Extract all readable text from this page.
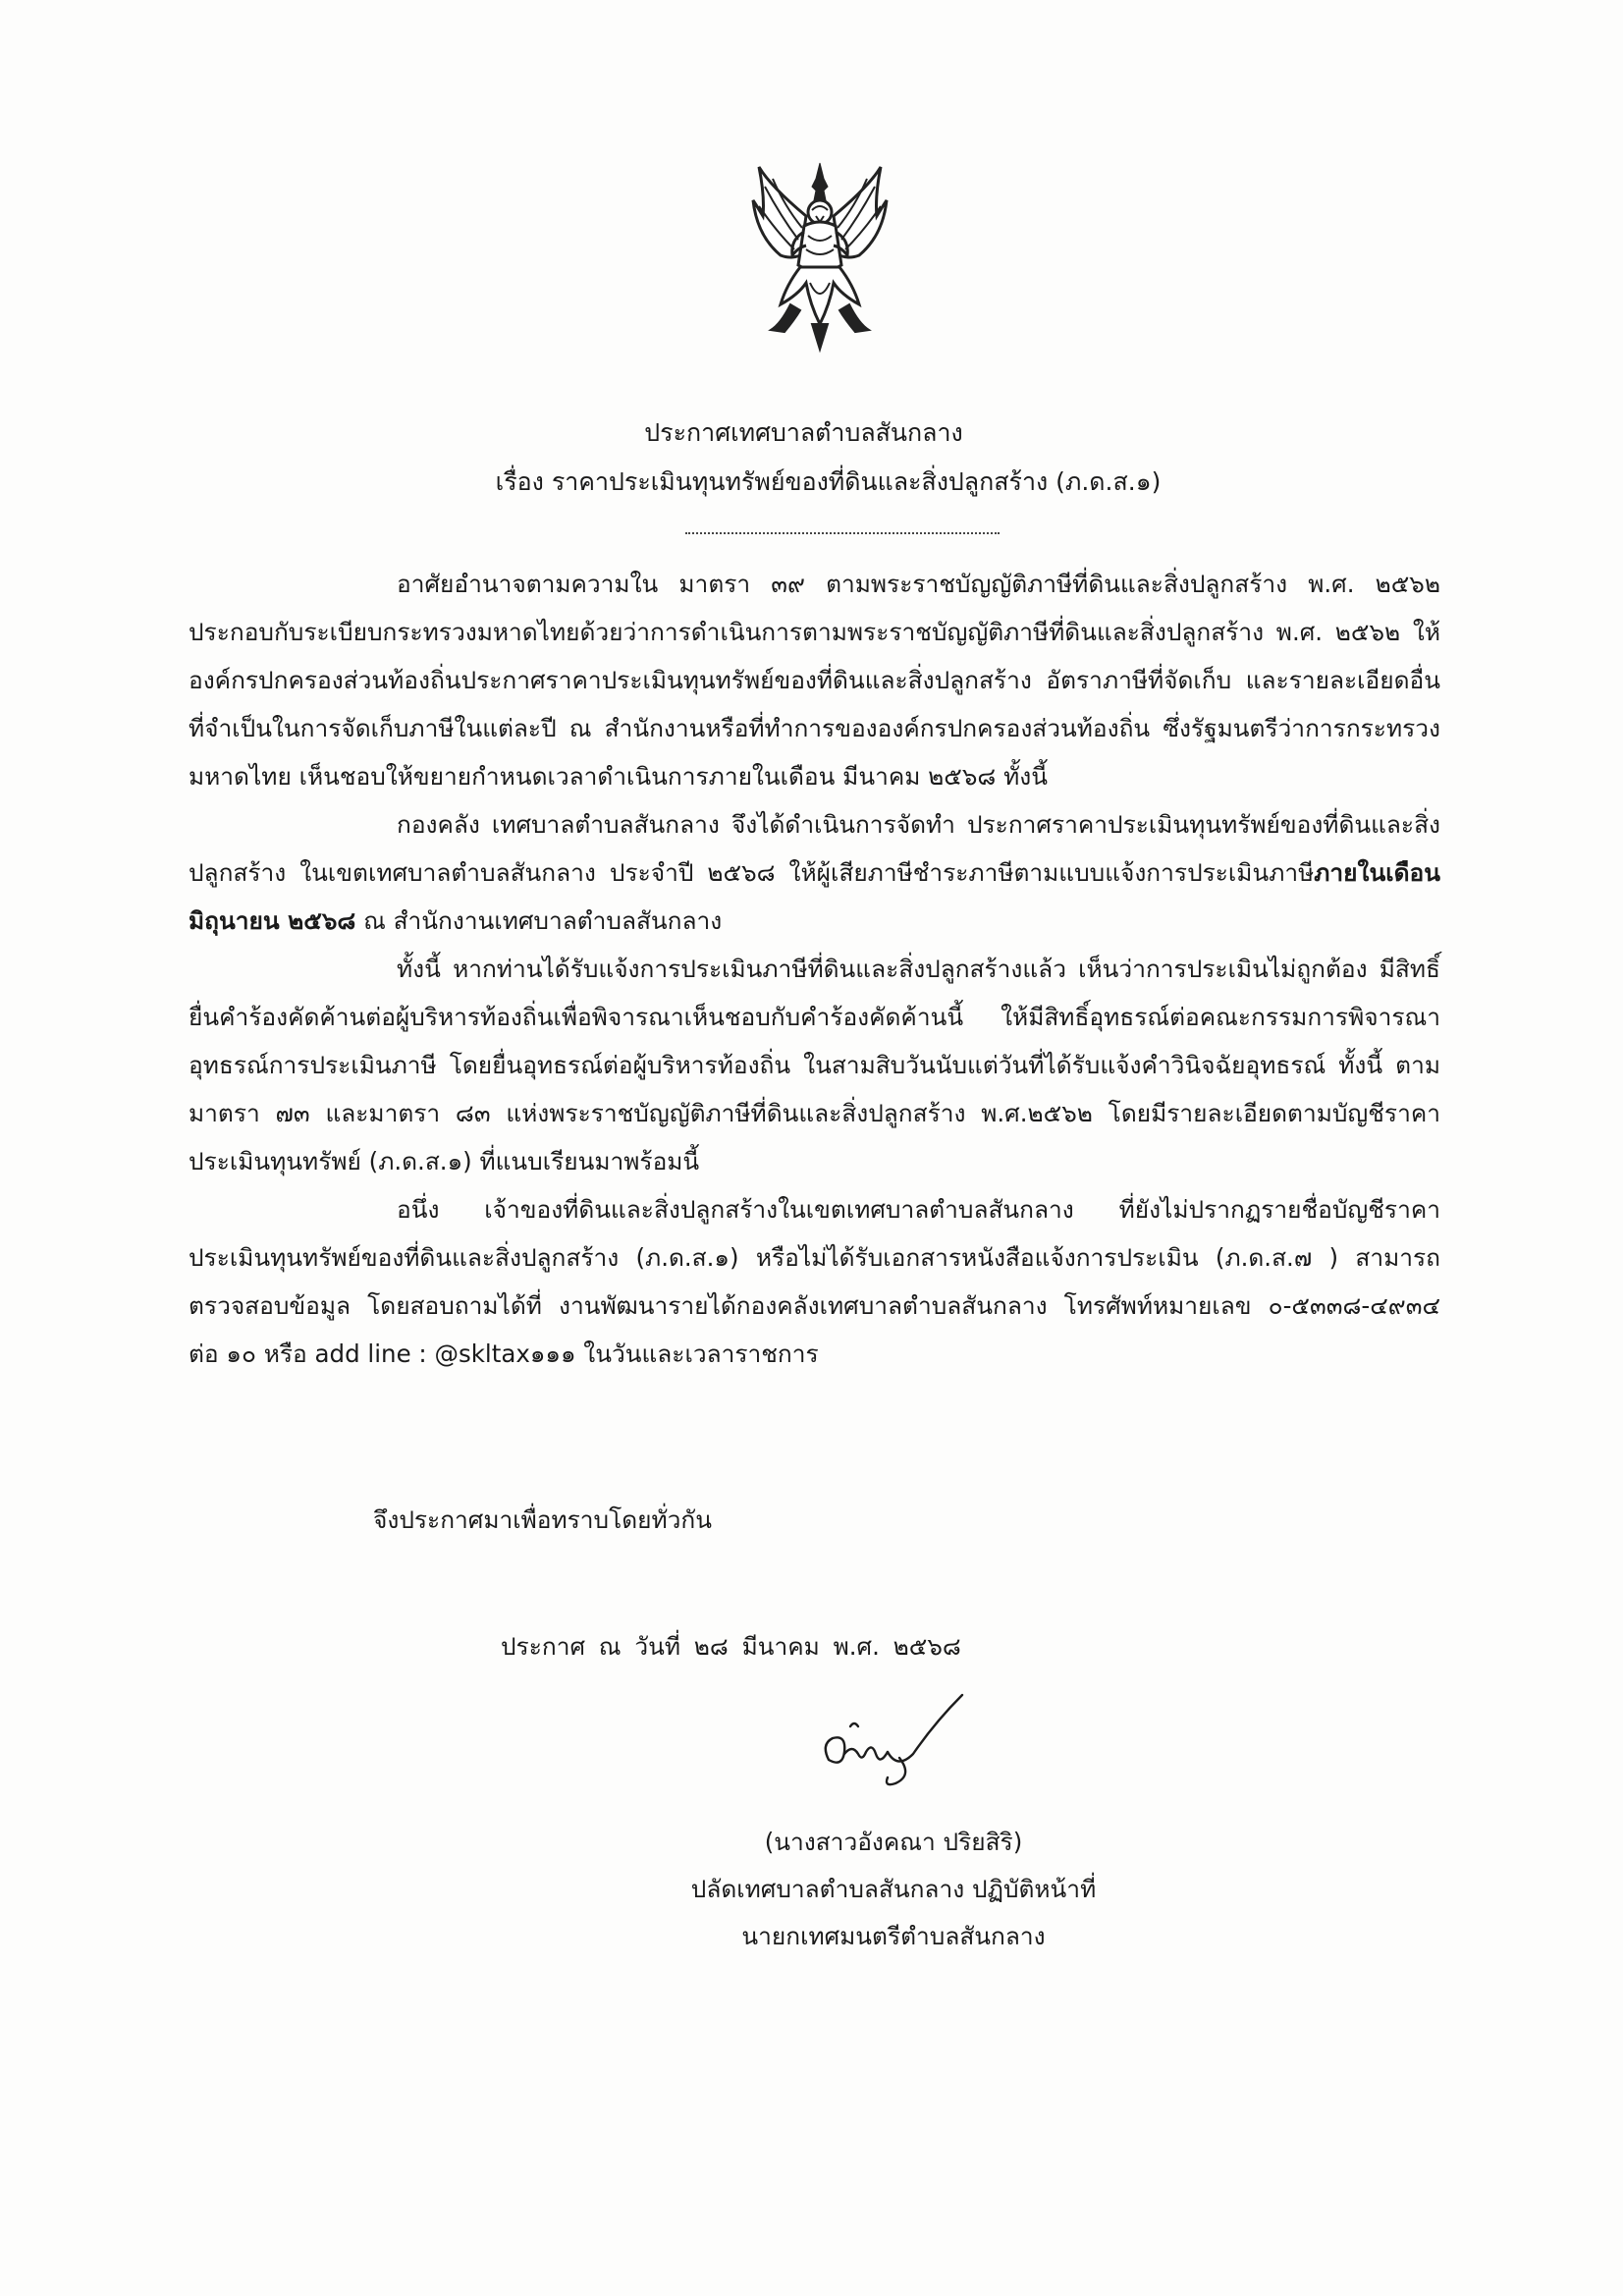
ประกาศเทศบาลตำบลสันกลาง
เรื่อง ราคาประเมินทุนทรัพย์ของที่ดินและสิ่งปลูกสร้าง (ภ.ด.ส.๑)

อาศัยอำนาจตามความใน มาตรา ๓๙ ตามพระราชบัญญัติภาษีที่ดินและสิ่งปลูกสร้าง พ.ศ. ๒๕๖๒ ประกอบกับระเบียบกระทรวงมหาดไทยด้วยว่าการดำเนินการตามพระราชบัญญัติภาษีที่ดินและสิ่งปลูกสร้าง พ.ศ. ๒๕๖๒ ให้องค์กรปกครองส่วนท้องถิ่นประกาศราคาประเมินทุนทรัพย์ของที่ดินและสิ่งปลูกสร้าง อัตราภาษีที่จัดเก็บ และรายละเอียดอื่นที่จำเป็นในการจัดเก็บภาษีในแต่ละปี ณ สำนักงานหรือที่ทำการขององค์กรปกครองส่วนท้องถิ่น ซึ่งรัฐมนตรีว่าการกระทรวงมหาดไทย เห็นชอบให้ขยายกำหนดเวลาดำเนินการภายในเดือน มีนาคม ๒๕๖๘ ทั้งนี้

กองคลัง เทศบาลตำบลสันกลาง จึงได้ดำเนินการจัดทำ ประกาศราคาประเมินทุนทรัพย์ของที่ดินและสิ่งปลูกสร้าง ในเขตเทศบาลตำบลสันกลาง ประจำปี ๒๕๖๘ ให้ผู้เสียภาษีชำระภาษีตามแบบแจ้งการประเมินภาษีภายในเดือน มิถุนายน ๒๕๖๘ ณ สำนักงานเทศบาลตำบลสันกลาง

ทั้งนี้ หากท่านได้รับแจ้งการประเมินภาษีที่ดินและสิ่งปลูกสร้างแล้ว เห็นว่าการประเมินไม่ถูกต้อง มีสิทธิ์ยื่นคำร้องคัดค้านต่อผู้บริหารท้องถิ่นเพื่อพิจารณาเห็นชอบกับคำร้องคัดค้านนี้ ให้มีสิทธิ์อุทธรณ์ต่อคณะกรรมการพิจารณาอุทธรณ์การประเมินภาษี โดยยื่นอุทธรณ์ต่อผู้บริหารท้องถิ่น ในสามสิบวันนับแต่วันที่ได้รับแจ้งคำวินิจฉัยอุทธรณ์ ทั้งนี้ ตามมาตรา ๗๓ และมาตรา ๘๓ แห่งพระราชบัญญัติภาษีที่ดินและสิ่งปลูกสร้าง พ.ศ.๒๕๖๒ โดยมีรายละเอียดตามบัญชีราคาประเมินทุนทรัพย์ (ภ.ด.ส.๑) ที่แนบเรียนมาพร้อมนี้

อนึ่ง เจ้าของที่ดินและสิ่งปลูกสร้างในเขตเทศบาลตำบลสันกลาง ที่ยังไม่ปรากฏรายชื่อบัญชีราคาประเมินทุนทรัพย์ของที่ดินและสิ่งปลูกสร้าง (ภ.ด.ส.๑) หรือไม่ได้รับเอกสารหนังสือแจ้งการประเมิน (ภ.ด.ส.๗ ) สามารถตรวจสอบข้อมูล โดยสอบถามได้ที่ งานพัฒนารายได้กองคลังเทศบาลตำบลสันกลาง โทรศัพท์หมายเลข ๐-๕๓๓๘-๔๙๓๔ ต่อ ๑๐ หรือ add line : @skltax๑๑๑ ในวันและเวลาราชการ

จึงประกาศมาเพื่อทราบโดยทั่วกัน
ประกาศ ณ วันที่ ๒๘ มีนาคม พ.ศ. ๒๕๖๘
(นางสาวอังคณา ปริยสิริ)
ปลัดเทศบาลตำบลสันกลาง ปฏิบัติหน้าที่
นายกเทศมนตรีตำบลสันกลาง
